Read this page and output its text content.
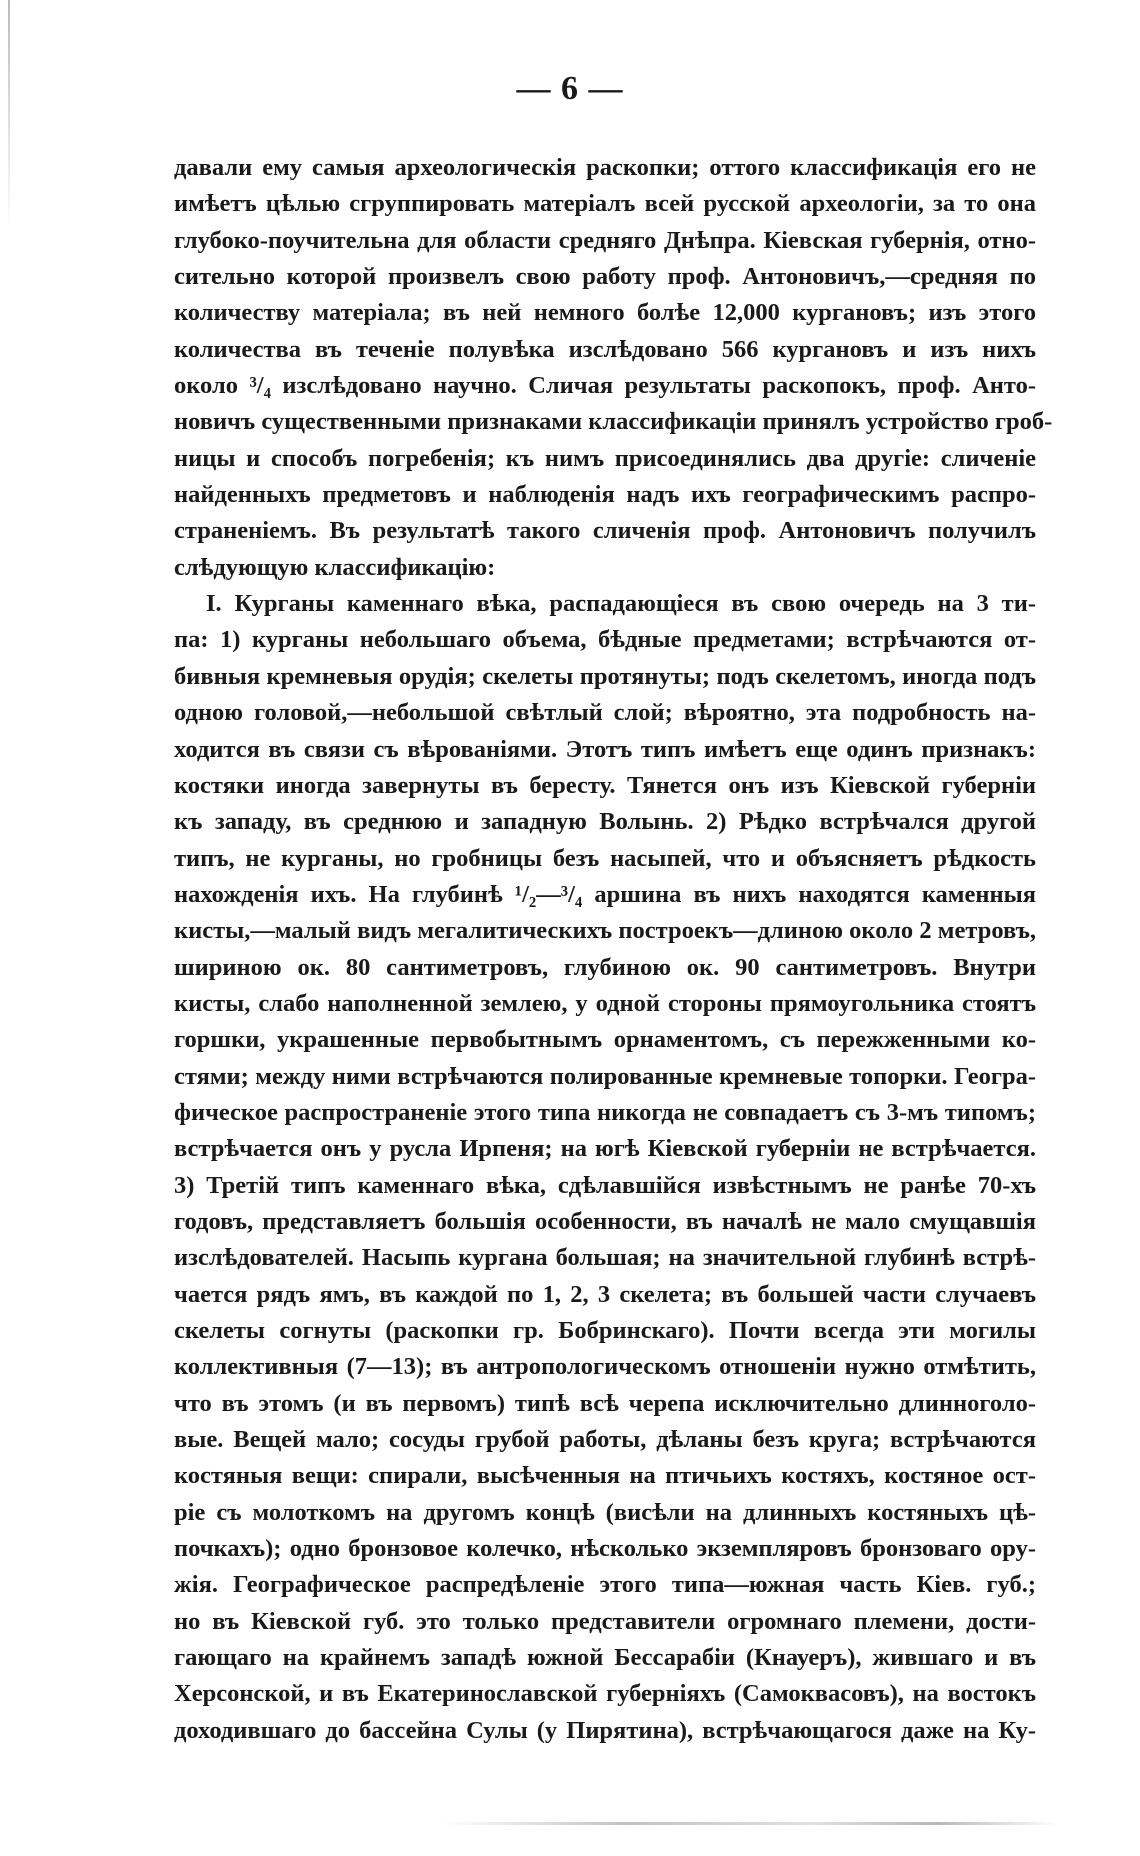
— 6 —
давали ему самыя археологическія раскопки; оттого классификація его не
имѣетъ цѣлью сгруппировать матеріалъ всей русской археологіи, за то она
глубоко-поучительна для области средняго Днѣпра. Кіевская губернія, отно-
сительно которой произвелъ свою работу проф. Антоновичъ,—средняя по
количеству матеріала; въ ней немного болѣе 12,000 кургановъ; изъ этого
количества въ теченіе полувѣка изслѣдовано 566 кургановъ и изъ нихъ
около ³/₄ изслѣдовано научно. Сличая результаты раскопокъ, проф. Анто-
новичъ существенными признаками классификаціи принялъ устройство гроб-
ницы и способъ погребенія; къ нимъ присоединялись два другіе: сличеніе
найденныхъ предметовъ и наблюденія надъ ихъ географическимъ распро-
страненіемъ. Въ результатѣ такого сличенія проф. Антоновичъ получилъ
слѣдующую классификацію:
I. Курганы каменнаго вѣка, распадающіеся въ свою очередь на 3 ти-
па: 1) курганы небольшаго объема, бѣдные предметами; встрѣчаются от-
бивныя кремневыя орудія; скелеты протянуты; подъ скелетомъ, иногда подъ
одною головой,—небольшой свѣтлый слой; вѣроятно, эта подробность на-
ходится въ связи съ вѣрованіями. Этотъ типъ имѣетъ еще одинъ признакъ:
костяки иногда завернуты въ бересту. Тянется онъ изъ Кіевской губерніи
къ западу, въ среднюю и западную Волынь. 2) Рѣдко встрѣчался другой
типъ, не курганы, но гробницы безъ насыпей, что и объясняетъ рѣдкость
нахожденія ихъ. На глубинѣ ¹/₂—³/₄ аршина въ нихъ находятся каменныя
кисты,—малый видъ мегалитическихъ построекъ—длиною около 2 метровъ,
шириною ок. 80 сантиметровъ, глубиною ок. 90 сантиметровъ. Внутри
кисты, слабо наполненной землею, у одной стороны прямоугольника стоятъ
горшки, украшенные первобытнымъ орнаментомъ, съ пережженными ко-
стями; между ними встрѣчаются полированные кремневые топорки. Геогра-
фическое распространеніе этого типа никогда не совпадаетъ съ 3-мъ типомъ;
встрѣчается онъ у русла Ирпеня; на югѣ Кіевской губерніи не встрѣчается.
3) Третій типъ каменнаго вѣка, сдѣлавшійся извѣстнымъ не ранѣе 70-хъ
годовъ, представляетъ большія особенности, въ началѣ не мало смущавшія
изслѣдователей. Насыпь кургана большая; на значительной глубинѣ встрѣ-
чается рядъ ямъ, въ каждой по 1, 2, 3 скелета; въ большей части случаевъ
скелеты согнуты (раскопки гр. Бобринскаго). Почти всегда эти могилы
коллективныя (7—13); въ антропологическомъ отношеніи нужно отмѣтить,
что въ этомъ (и въ первомъ) типѣ всѣ черепа исключительно длинноголо-
вые. Вещей мало; сосуды грубой работы, дѣланы безъ круга; встрѣчаются
костяныя вещи: спирали, высѣченныя на птичьихъ костяхъ, костяное ост-
ріе съ молоткомъ на другомъ концѣ (висѣли на длинныхъ костяныхъ цѣ-
почкахъ); одно бронзовое колечко, нѣсколько экземпляровъ бронзоваго ору-
жія. Географическое распредѣленіе этого типа—южная часть Кіев. губ.;
но въ Кіевской губ. это только представители огромнаго племени, дости-
гающаго на крайнемъ западѣ южной Бессарабіи (Кнауеръ), жившаго и въ
Херсонской, и въ Екатеринославской губерніяхъ (Самоквасовъ), на востокъ
доходившаго до бассейна Сулы (у Пирятина), встрѣчающагося даже на Ку-
